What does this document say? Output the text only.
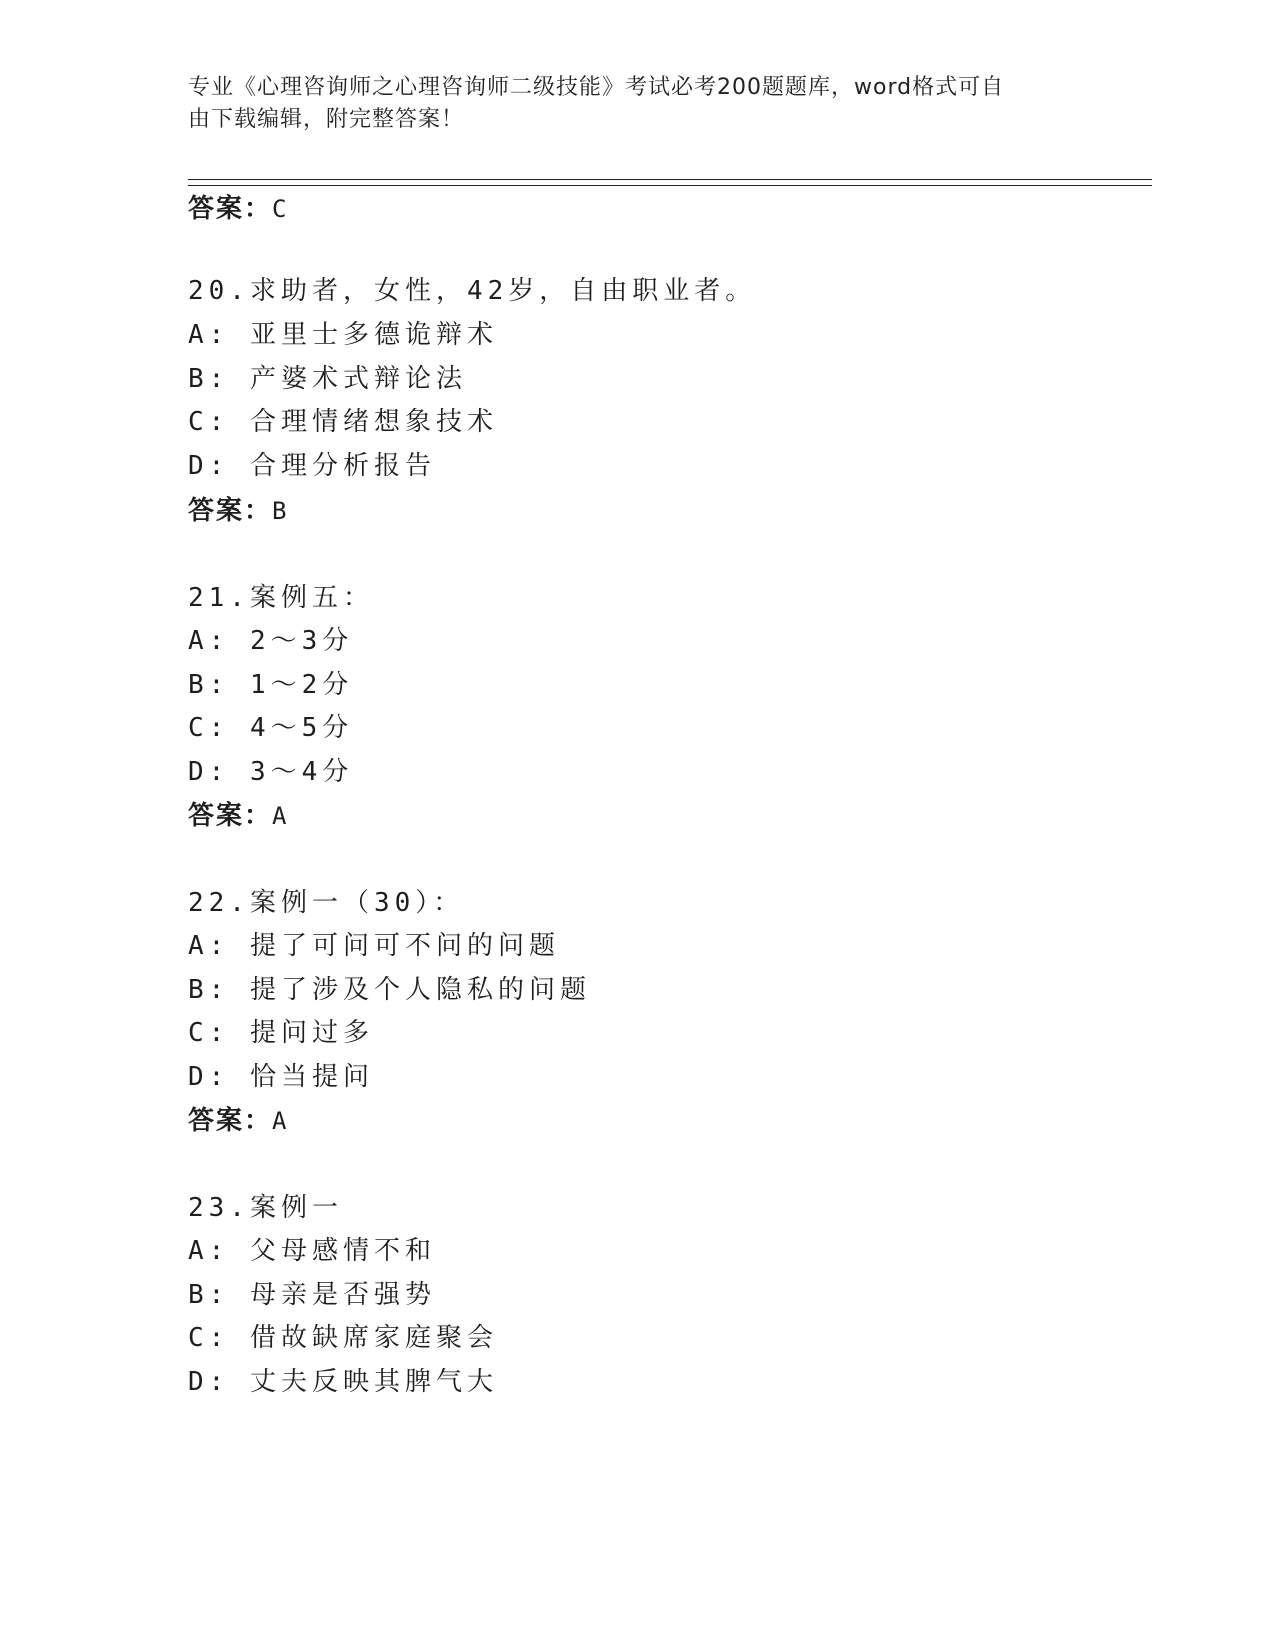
专业《心理咨询师之心理咨询师二级技能》考试必考200题题库，word格式可自
由下载编辑，附完整答案！
答案：C
20.求助者，女性，42岁，自由职业者。
A: 亚里士多德诡辩术
B: 产婆术式辩论法
C: 合理情绪想象技术
D: 合理分析报告
答案：B
21.案例五：
A: 2～3分
B: 1～2分
C: 4～5分
D: 3～4分
答案：A
22.案例一（30）：
A: 提了可问可不问的问题
B: 提了涉及个人隐私的问题
C: 提问过多
D: 恰当提问
答案：A
23.案例一
A: 父母感情不和
B: 母亲是否强势
C: 借故缺席家庭聚会
D: 丈夫反映其脾气大
